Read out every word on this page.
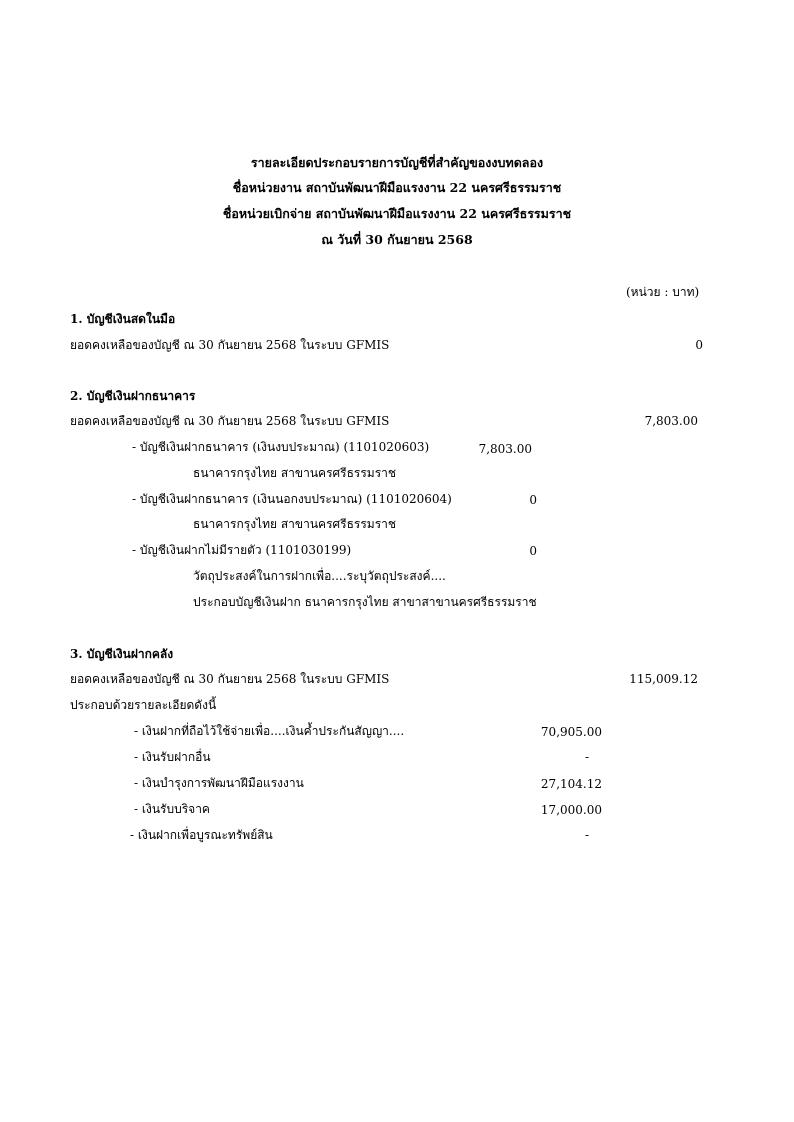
รายละเอียดประกอบรายการบัญชีที่สำคัญของงบทดลอง
ชื่อหน่วยงาน สถาบันพัฒนาฝีมือแรงงาน 22 นครศรีธรรมราช
ชื่อหน่วยเบิกจ่าย สถาบันพัฒนาฝีมือแรงงาน 22 นครศรีธรรมราช
ณ วันที่ 30 กันยายน 2568
(หน่วย : บาท)
1. บัญชีเงินสดในมือ
ยอดคงเหลือของบัญชี ณ 30 กันยายน 2568 ในระบบ GFMIS	0
2. บัญชีเงินฝากธนาคาร
ยอดคงเหลือของบัญชี ณ 30 กันยายน 2568 ในระบบ GFMIS	7,803.00
- บัญชีเงินฝากธนาคาร (เงินงบประมาณ) (1101020603)	7,803.00
ธนาคารกรุงไทย สาขานครศรีธรรมราช
- บัญชีเงินฝากธนาคาร (เงินนอกงบประมาณ) (1101020604)	0
ธนาคารกรุงไทย สาขานครศรีธรรมราช
- บัญชีเงินฝากไม่มีรายตัว (1101030199)	0
วัตถุประสงค์ในการฝากเพื่อ....ระบุวัตถุประสงค์....
ประกอบบัญชีเงินฝาก ธนาคารกรุงไทย สาขาสาขานครศรีธรรมราช
3. บัญชีเงินฝากคลัง
ยอดคงเหลือของบัญชี ณ 30 กันยายน 2568 ในระบบ GFMIS	115,009.12
ประกอบด้วยรายละเอียดดังนี้
- เงินฝากที่ถือไว้ใช้จ่ายเพื่อ....เงินค้ำประกันสัญญา....	70,905.00
- เงินรับฝากอื่น	-
- เงินบำรุงการพัฒนาฝีมือแรงงาน	27,104.12
- เงินรับบริจาค	17,000.00
- เงินฝากเพื่อบูรณะทรัพย์สิน	-
